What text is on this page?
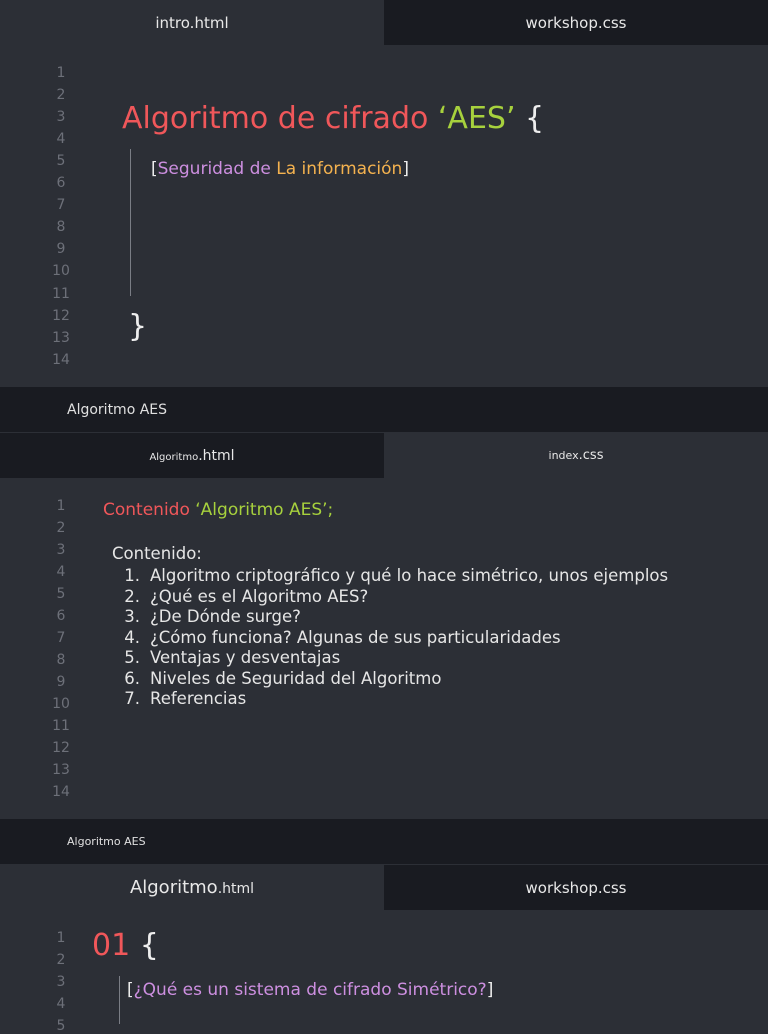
intro.html	workshop.css
1
2
3
4
5
6
7
8
9
10
11
12
13
14
Algoritmo de cifrado ‘AES’ {
[Seguridad de La información]
}
Algoritmo AES
Algoritmo .html	index .css
1
2
3
4
5
6
7
8
9
10
11
12
13
14
Contenido ‘Algoritmo AES’;
Contenido:
1. Algoritmo criptográfico y qué lo hace simétrico, unos ejemplos
2. ¿Qué es el Algoritmo AES?
3. ¿De Dónde surge?
4. ¿Cómo funciona? Algunas de sus particularidades
5. Ventajas y desventajas
6. Niveles de Seguridad del Algoritmo
7. Referencias
Algoritmo AES
Algoritmo .html	workshop.css
1
2
3
4
5
01 {
[¿Qué es un sistema de cifrado Simétrico?]
